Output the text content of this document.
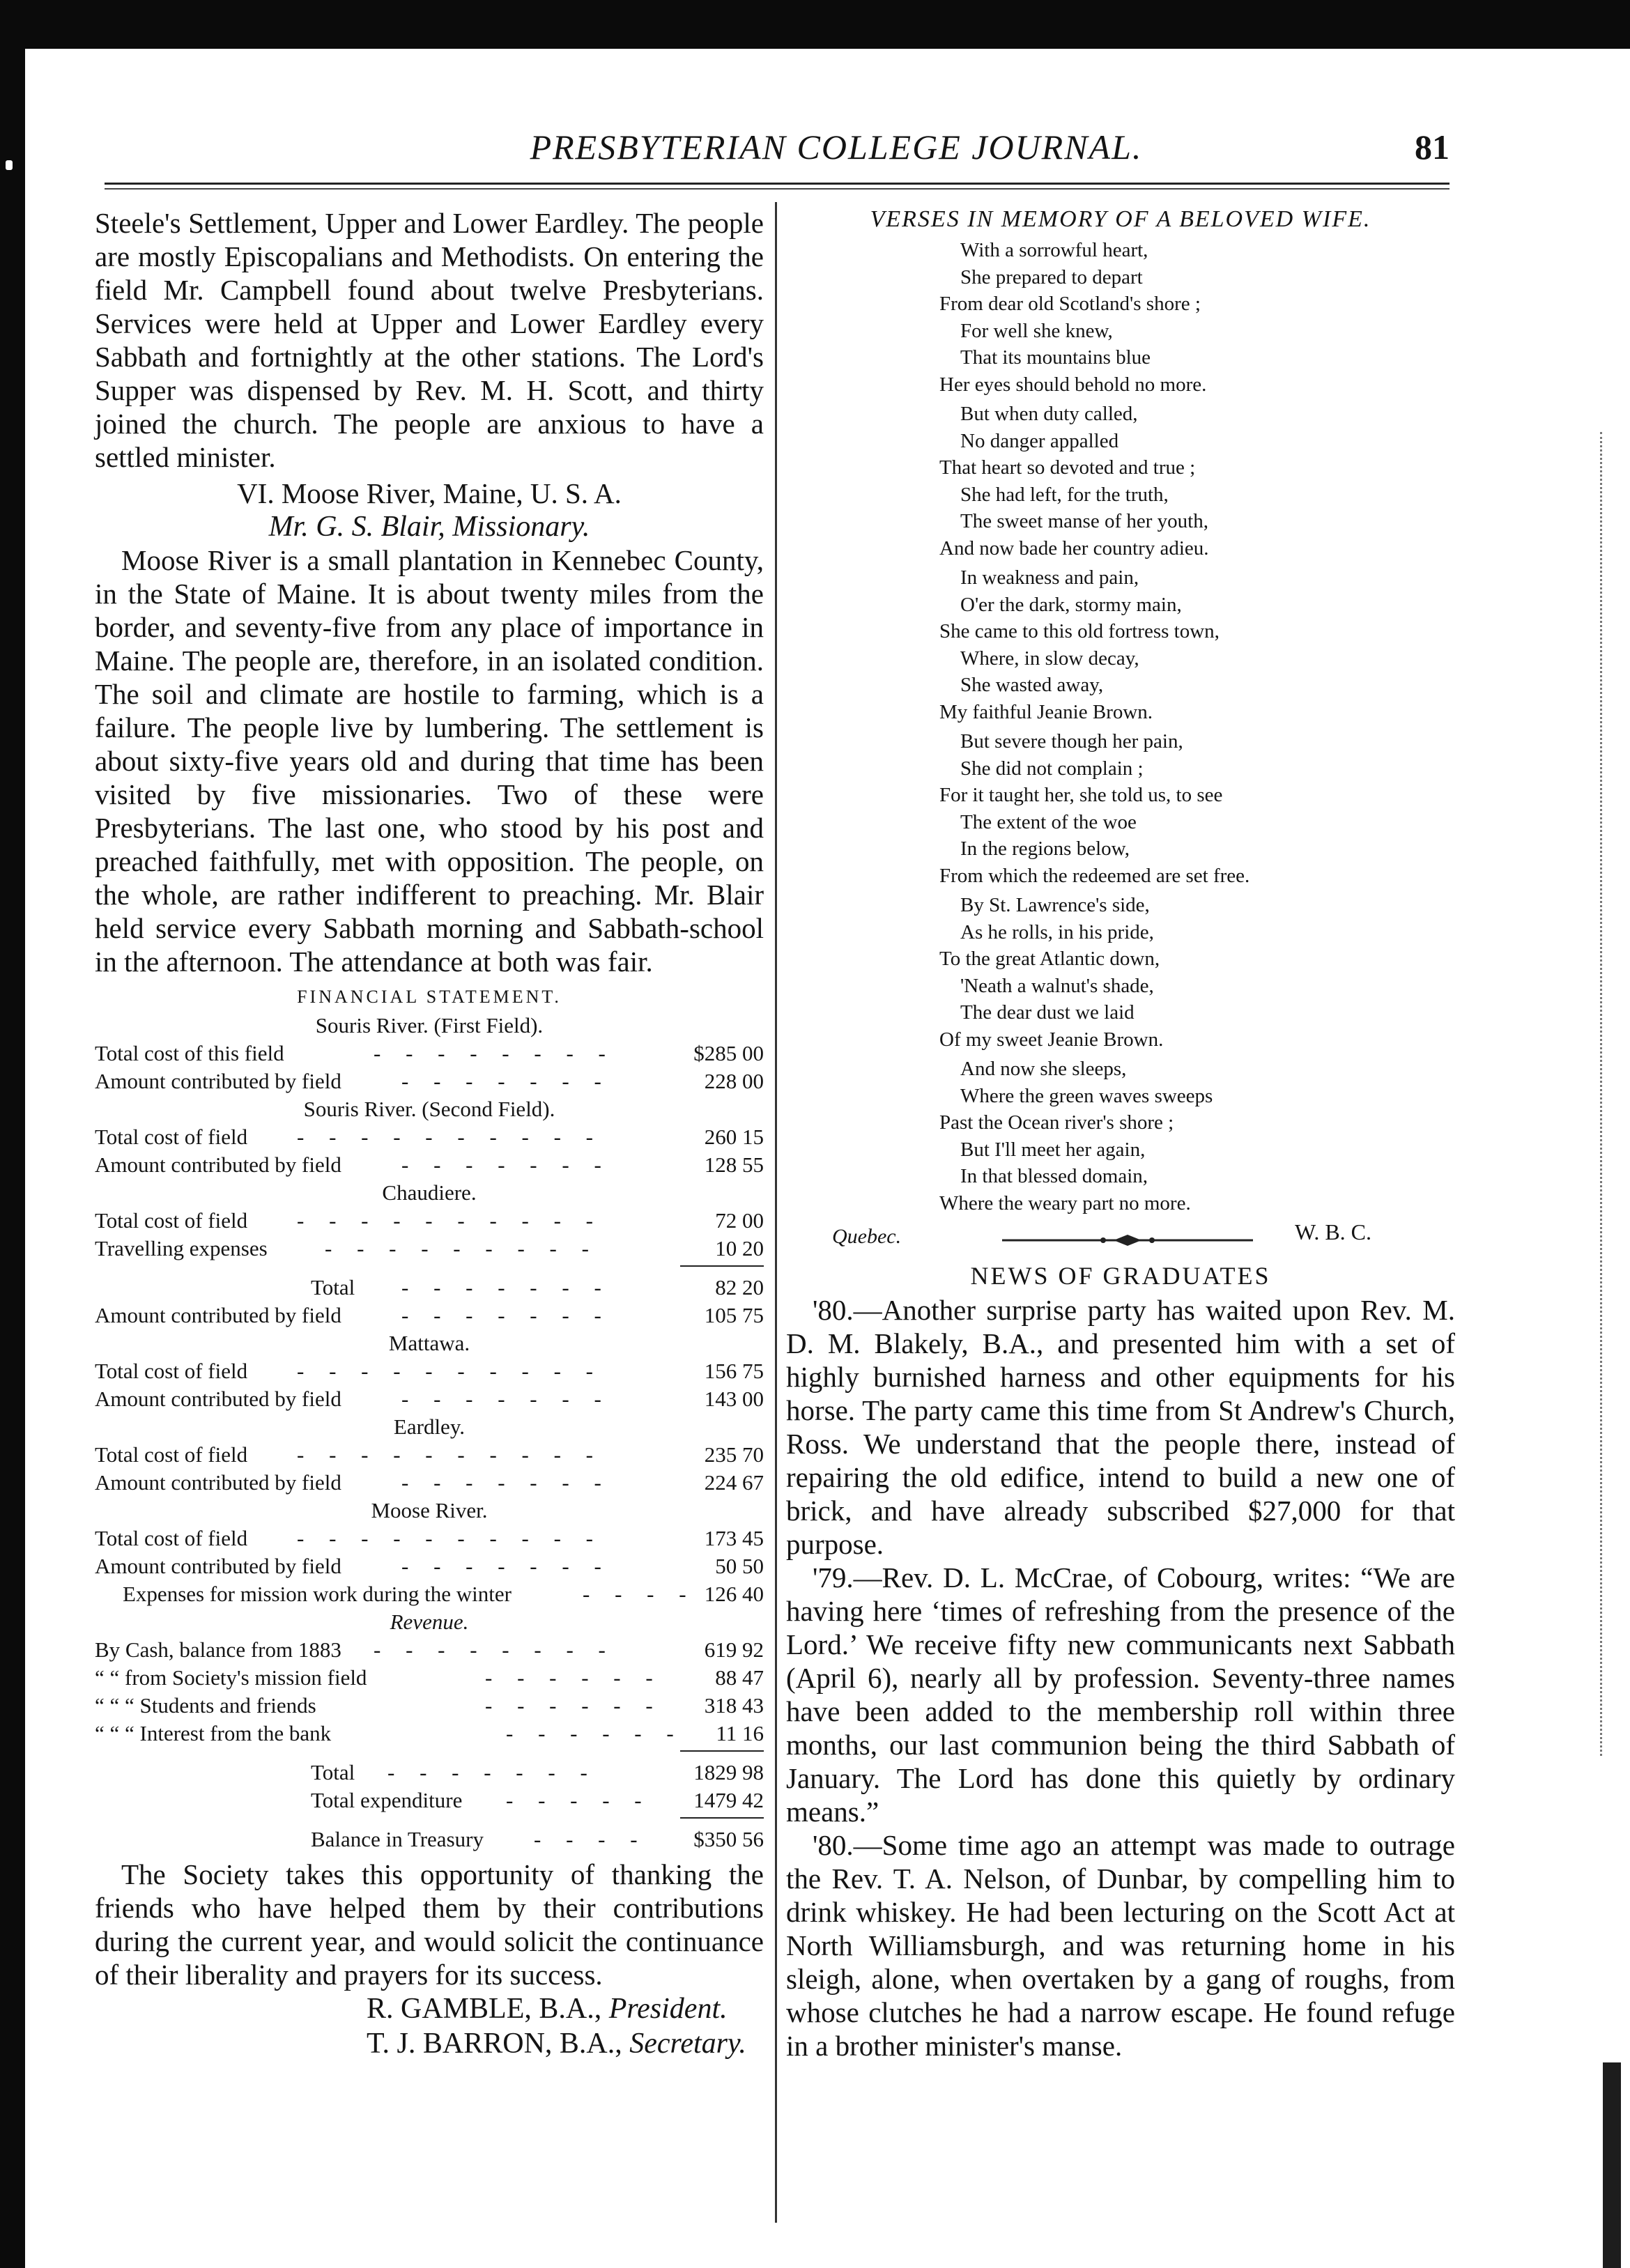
PRESBYTERIAN COLLEGE JOURNAL.	81

Steele's Settlement, Upper and Lower Eardley. The people are mostly Episcopalians and Methodists. On entering the field Mr. Campbell found about twelve Presbyterians. Services were held at Upper and Lower Eardley every Sabbath and fortnightly at the other stations. The Lord's Supper was dispensed by Rev. M. H. Scott, and thirty joined the church. The people are anxious to have a settled minister.

VI. Moose River, Maine, U. S. A.

Mr. G. S. Blair, Missionary.

Moose River is a small plantation in Kennebec County, in the State of Maine. It is about twenty miles from the border, and seventy-five from any place of importance in Maine. The people are, therefore, in an isolated condition. The soil and climate are hostile to farming, which is a failure. The people live by lumbering. The settlement is about sixty-five years old and during that time has been visited by five missionaries. Two of these were Presbyterians. The last one, who stood by his post and preached faithfully, met with opposition. The people, on the whole, are rather indifferent to preaching. Mr. Blair held service every Sabbath morning and Sabbath-school in the afternoon. The attendance at both was fair.

FINANCIAL STATEMENT.

Souris River. (First Field).

Total cost of this field	- - - - - - - -	$285 00
Amount contributed by field	- - - - - - -	228 00

Souris River. (Second Field).

Total cost of field - - - - - - - - - -	260 15
Amount contributed by field	- - - - - - -	128 55

Chaudiere.

Total cost of field - - - - - - - - - -	72 00
Travelling expenses	- - - - - - - - -	10 20
Total - - - - - - -	82 20
Amount contributed by field	- - - - - - -	105 75

Mattawa.

Total cost of field - - - - - - - - - -	156 75
Amount contributed by field	- - - - - - -	143 00

Eardley.

Total cost of field - - - - - - - - - -	235 70
Amount contributed by field	- - - - - - -	224 67

Moose River.

Total cost of field - - - - - - - - - -	173 45
Amount contributed by field	- - - - - - -	50 50
Expenses for mission work during the winter	- - - - 126 40

Revenue.

By Cash, balance from 1883 - - - - - - - -	619 92
“ “ from Society's mission field	- - - - - - 88 47
“ “ “ Students and friends	- - - - - - 318 43
“ “ “ Interest from the bank	- - - - - - 11 16
Total - - - - - - -	1829 98
Total expenditure - - - - - 1479 42
Balance in Treasury - - - - $350 56

The Society takes this opportunity of thanking the friends who have helped them by their contributions during the current year, and would solicit the continuance of their liberality and prayers for its success.

R. GAMBLE, B.A., President.

T. J. BARRON, B.A., Secretary.

VERSES IN MEMORY OF A BELOVED WIFE.

With a sorrowful heart,
She prepared to depart
From dear old Scotland's shore ;
For well she knew,
That its mountains blue
Her eyes should behold no more.
But when duty called,
No danger appalled
That heart so devoted and true ;
She had left, for the truth,
The sweet manse of her youth,
And now bade her country adieu.
In weakness and pain,
O'er the dark, stormy main,
She came to this old fortress town,
Where, in slow decay,
She wasted away,
My faithful Jeanie Brown.
But severe though her pain,
She did not complain ;
For it taught her, she told us, to see
The extent of the woe
In the regions below,
From which the redeemed are set free.
By St. Lawrence's side,
As he rolls, in his pride,
To the great Atlantic down,
'Neath a walnut's shade,
The dear dust we laid
Of my sweet Jeanie Brown.
And now she sleeps,
Where the green waves sweeps
Past the Ocean river's shore ;
But I'll meet her again,
In that blessed domain,
Where the weary part no more.
Quebec.	W. B. C.

NEWS OF GRADUATES

'80.—Another surprise party has waited upon Rev. M. D. M. Blakely, B.A., and presented him with a set of highly burnished harness and other equipments for his horse. The party came this time from St Andrew's Church, Ross. We understand that the people there, instead of repairing the old edifice, intend to build a new one of brick, and have already subscribed $27,000 for that purpose.

'79.—Rev. D. L. McCrae, of Cobourg, writes: “We are having here ‘times of refreshing from the presence of the Lord.’ We receive fifty new communicants next Sabbath (April 6), nearly all by profession. Seventy-three names have been added to the membership roll within three months, our last communion being the third Sabbath of January. The Lord has done this quietly by ordinary means.”

'80.—Some time ago an attempt was made to outrage the Rev. T. A. Nelson, of Dunbar, by compelling him to drink whiskey. He had been lecturing on the Scott Act at North Williamsburgh, and was returning home in his sleigh, alone, when overtaken by a gang of roughs, from whose clutches he had a narrow escape. He found refuge in a brother minister's manse.
